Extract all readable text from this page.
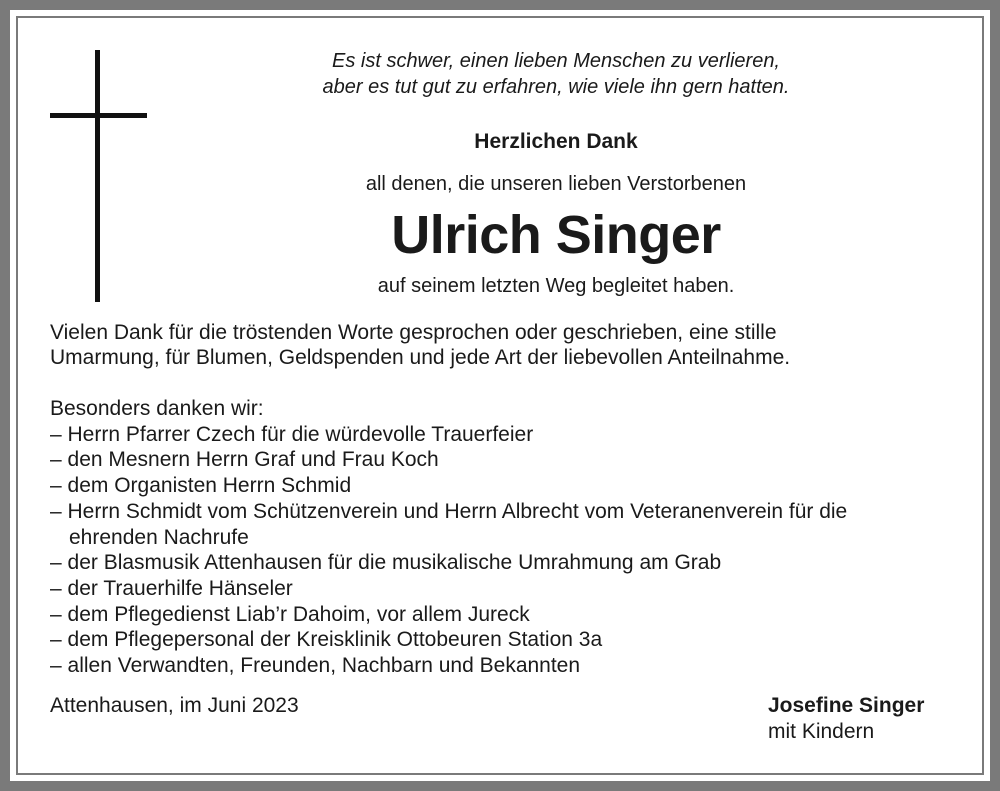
Es ist schwer, einen lieben Menschen zu verlieren,
aber es tut gut zu erfahren, wie viele ihn gern hatten.
Herzlichen Dank
all denen, die unseren lieben Verstorbenen
Ulrich Singer
auf seinem letzten Weg begleitet haben.
Vielen Dank für die tröstenden Worte gesprochen oder geschrieben, eine stille
Umarmung, für Blumen, Geldspenden und jede Art der liebevollen Anteilnahme.
Besonders danken wir:
– Herrn Pfarrer Czech für die würdevolle Trauerfeier
– den Mesnern Herrn Graf und Frau Koch
– dem Organisten Herrn Schmid
– Herrn Schmidt vom Schützenverein und Herrn Albrecht vom Veteranenverein für die
ehrenden Nachrufe
– der Blasmusik Attenhausen für die musikalische Umrahmung am Grab
– der Trauerhilfe Hänseler
– dem Pflegedienst Liab’r Dahoim, vor allem Jureck
– dem Pflegepersonal der Kreisklinik Ottobeuren Station 3a
– allen Verwandten, Freunden, Nachbarn und Bekannten
Attenhausen, im Juni 2023	Josefine Singer
mit Kindern
